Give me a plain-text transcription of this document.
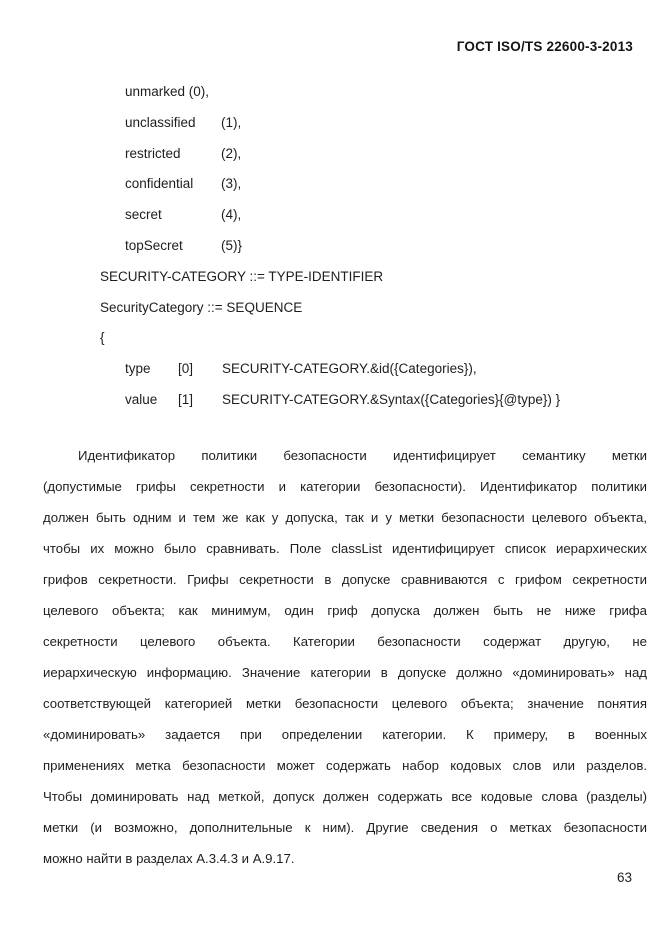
ГОСТ ISO/TS 22600-3-2013
unmarked (0),
unclassified (1),
restricted	(2),
confidential (3),
secret	(4),
topSecret	(5)}
SECURITY-CATEGORY ::= TYPE-IDENTIFIER
SecurityCategory ::= SEQUENCE
{
type [0] SECURITY-CATEGORY.&id({Categories}),
value [1] SECURITY-CATEGORY.&Syntax({Categories}{@type}) }
Идентификатор политики безопасности идентифицирует семантику метки
(допустимые грифы секретности и категории безопасности). Идентификатор политики
должен быть одним и тем же как у допуска, так и у метки безопасности целевого объекта,
чтобы их можно было сравнивать. Поле classList идентифицирует список иерархических
грифов секретности. Грифы секретности в допуске сравниваются с грифом секретности
целевого объекта; как минимум, один гриф допуска должен быть не ниже грифа
секретности целевого объекта. Категории безопасности содержат другую, не
иерархическую информацию. Значение категории в допуске должно «доминировать» над
соответствующей категорией метки безопасности целевого объекта; значение понятия
«доминировать» задается при определении категории. К примеру, в военных
применениях метка безопасности может содержать набор кодовых слов или разделов.
Чтобы доминировать над меткой, допуск должен содержать все кодовые слова (разделы)
метки (и возможно, дополнительные к ним). Другие сведения о метках безопасности
можно найти в разделах A.3.4.3 и A.9.17.
63
